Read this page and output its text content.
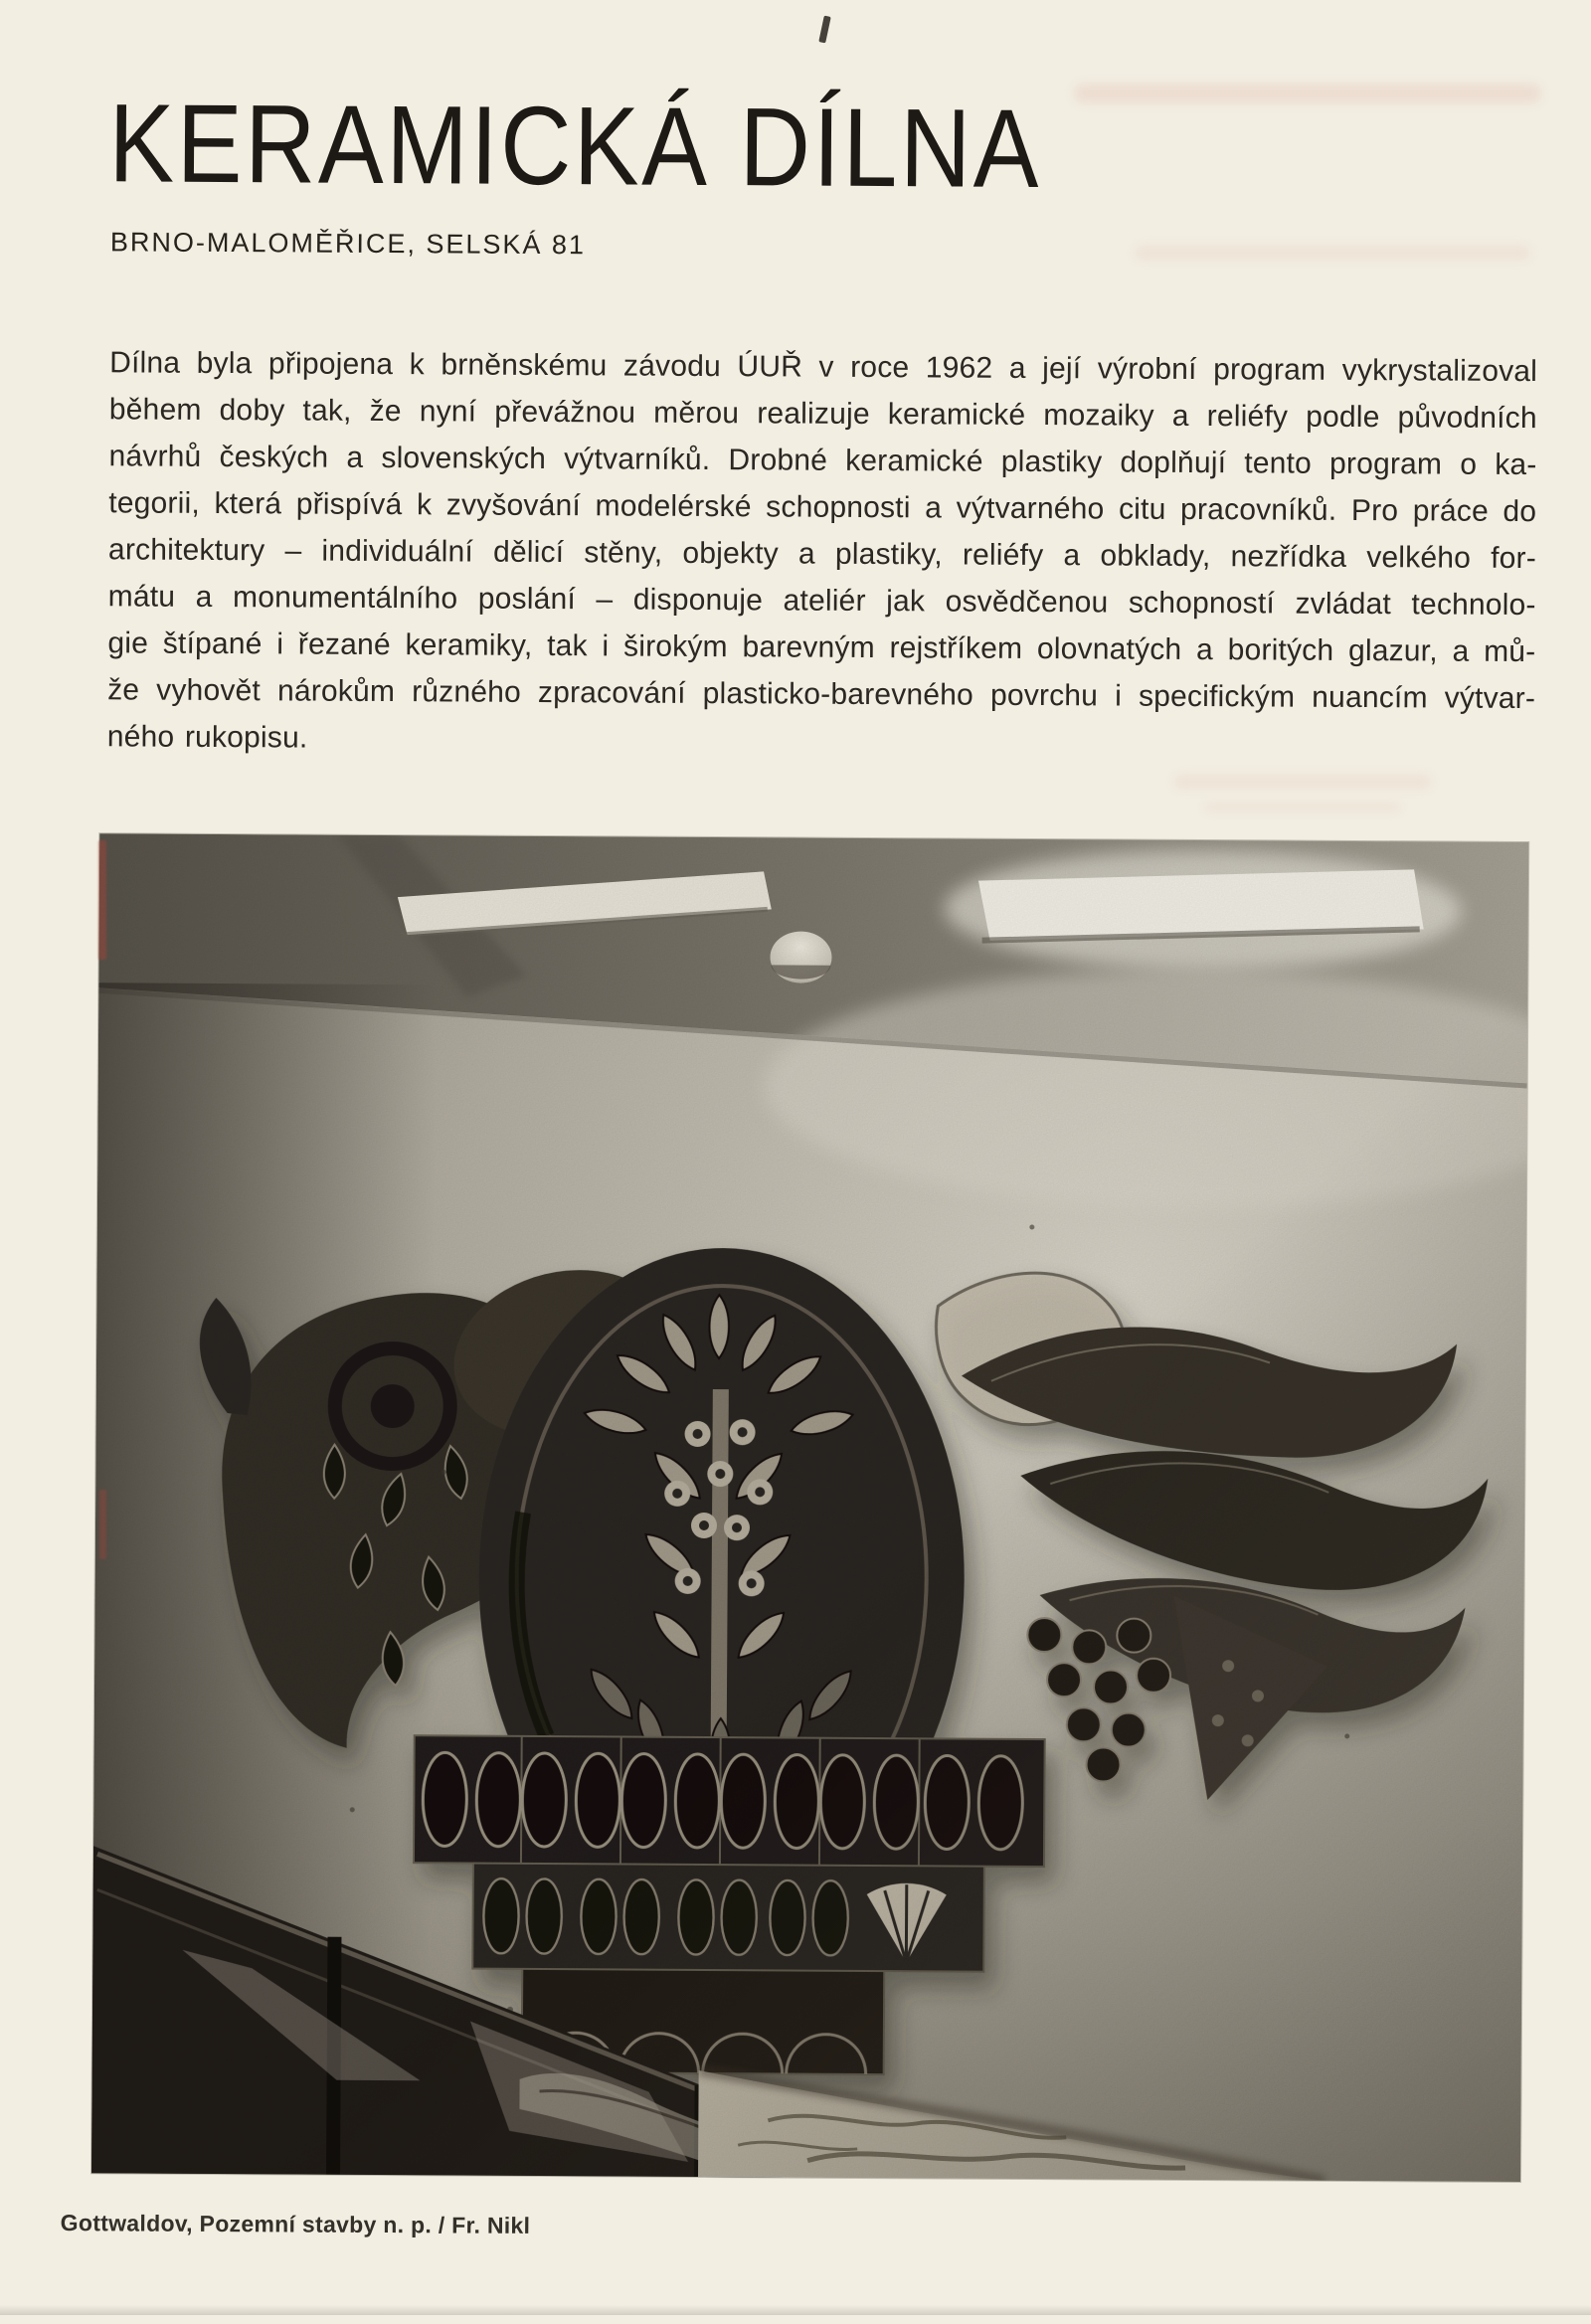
KERAMICKÁ DÍLNA
BRNO-MALOMĚŘICE, SELSKÁ 81
Dílna byla připojena k brněnskému závodu ÚUŘ v roce 1962 a její výrobní program vykrystalizoval
během doby tak, že nyní převážnou měrou realizuje keramické mozaiky a reliéfy podle původních
návrhů českých a slovenských výtvarníků. Drobné keramické plastiky doplňují tento program o ka-
tegorii, která přispívá k zvyšování modelérské schopnosti a výtvarného citu pracovníků. Pro práce do
architektury – individuální dělicí stěny, objekty a plastiky, reliéfy a obklady, nezřídka velkého for-
mátu a monumentálního poslání – disponuje ateliér jak osvědčenou schopností zvládat technolo-
gie štípané i řezané keramiky, tak i širokým barevným rejstříkem olovnatých a boritých glazur, a mů-
že vyhovět nárokům různého zpracování plasticko-barevného povrchu i specifickým nuancím výtvar-
ného rukopisu.
Gottwaldov, Pozemní stavby n. p. / Fr. Nikl
